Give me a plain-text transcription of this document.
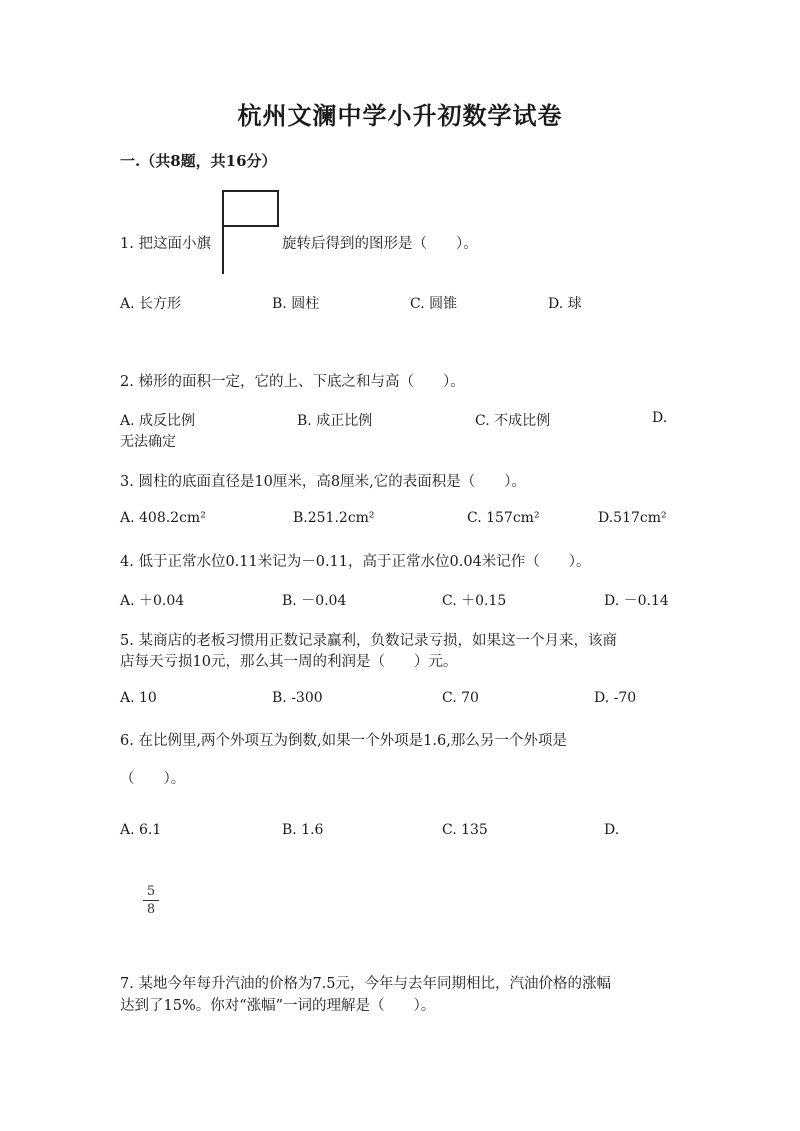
杭州文澜中学小升初数学试卷
一.（共8题，共16分）
1. 把这面小旗	旋转后得到的图形是（　　）。
A. 长方形	B. 圆柱	C. 圆锥	D. 球
2. 梯形的面积一定，它的上、下底之和与高（　　）。
A. 成反比例	B. 成正比例	C. 不成比例	D.
无法确定
3. 圆柱的底面直径是10厘米，高8厘米,它的表面积是（　　）。
A. 408.2cm²	B.251.2cm²	C. 157cm²	D.517cm²
4. 低于正常水位0.11米记为－0.11，高于正常水位0.04米记作（　　）。
A. ＋0.04	B. －0.04	C. ＋0.15	D. －0.14
5. 某商店的老板习惯用正数记录赢利，负数记录亏损，如果这一个月来，该商
店每天亏损10元，那么其一周的利润是（　　）元。
A. 10	B. -300	C. 70	D. -70
6. 在比例里,两个外项互为倒数,如果一个外项是1.6,那么另一个外项是
（　　）。
A. 6.1	B. 1.6	C. 135	D.
5
8
7. 某地今年每升汽油的价格为7.5元，今年与去年同期相比，汽油价格的涨幅
达到了15%。你对“涨幅”一词的理解是（　　）。
